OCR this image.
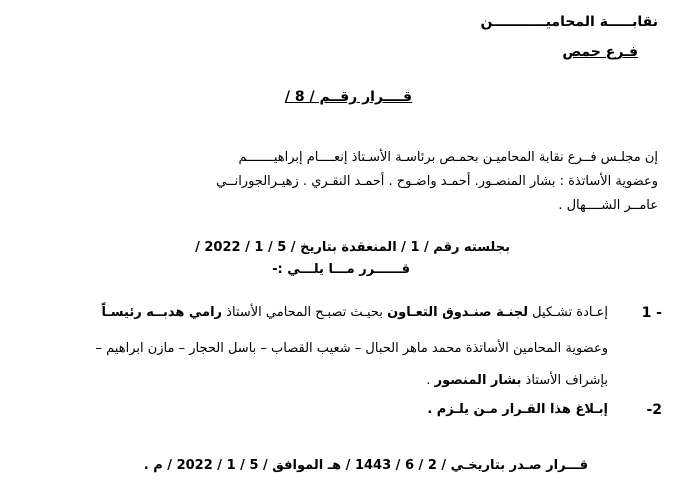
نقابـــــة المحاميـــــــــــن
فـرع حمص
قــــرار رقــم / 8 /
إن مجلـس فــرع نقابة المحاميـن بحمـص برئاسـة الأسـتاذ إنعــــام إبراهيـــــــم
وعضوية الأساتذة : بشار المنصـور. أحمـد واضـوح . أحمـد النقـري . زهيـرالجورانــي
عامــر الشــــهال .
بجلسته رقم / 1 / المنعقدة بتاريخ / 5 / 1 / 2022 /
قــــــرر مـــا يلـــي :-
1 -
إعـادة تشـكيل لجنـة صنـدوق التعـاون بحيـث تصبـح المحامي الأستاذ رامي هدبــه رئيسـاًَ
وعضوية المحامين الأساتذة محمد ماهر الحبال – شعيب القصاب – باسل الحجار – مازن ابراهيم –
بإشراف الأستاذ بشار المنصور .
-2
إبـلاغ هذا القـرار مـن يلـزم .
قـــرار صـدر بتاريخـي / 2 / 6 / 1443 / هـ الموافق / 5 / 1 / 2022 / م .
